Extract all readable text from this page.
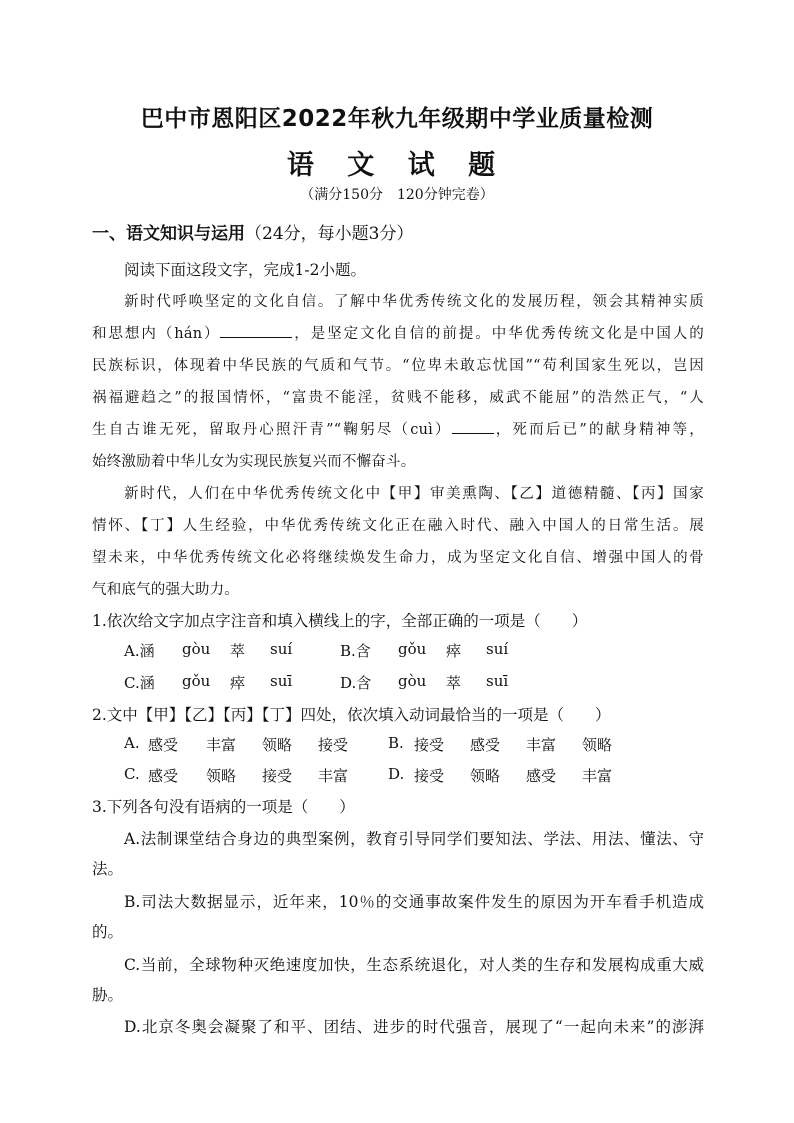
巴中市恩阳区2022年秋九年级期中学业质量检测
语 文 试 题
（满分150分　120分钟完卷）
一、语文知识与运用（24分，每小题3分）
阅读下面这段文字，完成1-2小题。
新时代呼唤坚定的文化自信。了解中华优秀传统文化的发展历程，领会其精神实质
和思想内（hán）	，是坚定文化自信的前提。中华优秀传统文化是中国人的
民族标识，体现着中华民族的气质和气节。“位卑未敢忘忧国”“苟利国家生死以，岂因
祸福避趋之”的报国情怀，“富贵不能淫，贫贱不能移，威武不能屈”的浩然正气，“人
生自古谁无死，留取丹心照汗青”“鞠躬尽（cuì）	，死而后已”的献身精神等，
始终激励着中华儿女为实现民族复兴而不懈奋斗。
新时代，人们在中华优秀传统文化中【甲】审美熏陶、【乙】道德精髓、【丙】国家
情怀、【丁】人生经验，中华优秀传统文化正在融入时代、融入中国人的日常生活。展
望未来，中华优秀传统文化必将继续焕发生命力，成为坚定文化自信、增强中国人的骨
气和底气的强大助力。
1.依次给文字加点字注音和填入横线上的字，全部正确的一项是（　　）
A.涵 gòu 萃 suí	B.含 gǒu 瘁 suí
C.涵 gǒu 瘁 suī	D.含 gòu 萃 suī
2.文中【甲】【乙】【丙】【丁】四处，依次填入动词最恰当的一项是（　　）
A. 感受 丰富 领略 接受	B. 接受 感受 丰富 领略
C. 感受 领略 接受 丰富	D. 接受 领略 感受 丰富
3.下列各句没有语病的一项是（　　）
A.法制课堂结合身边的典型案例，教育引导同学们要知法、学法、用法、懂法、守
法。
B.司法大数据显示，近年来，10％的交通事故案件发生的原因为开车看手机造成
的。
C.当前，全球物种灭绝速度加快，生态系统退化，对人类的生存和发展构成重大威
胁。
D.北京冬奥会凝聚了和平、团结、进步的时代强音，展现了“一起向未来”的澎湃
